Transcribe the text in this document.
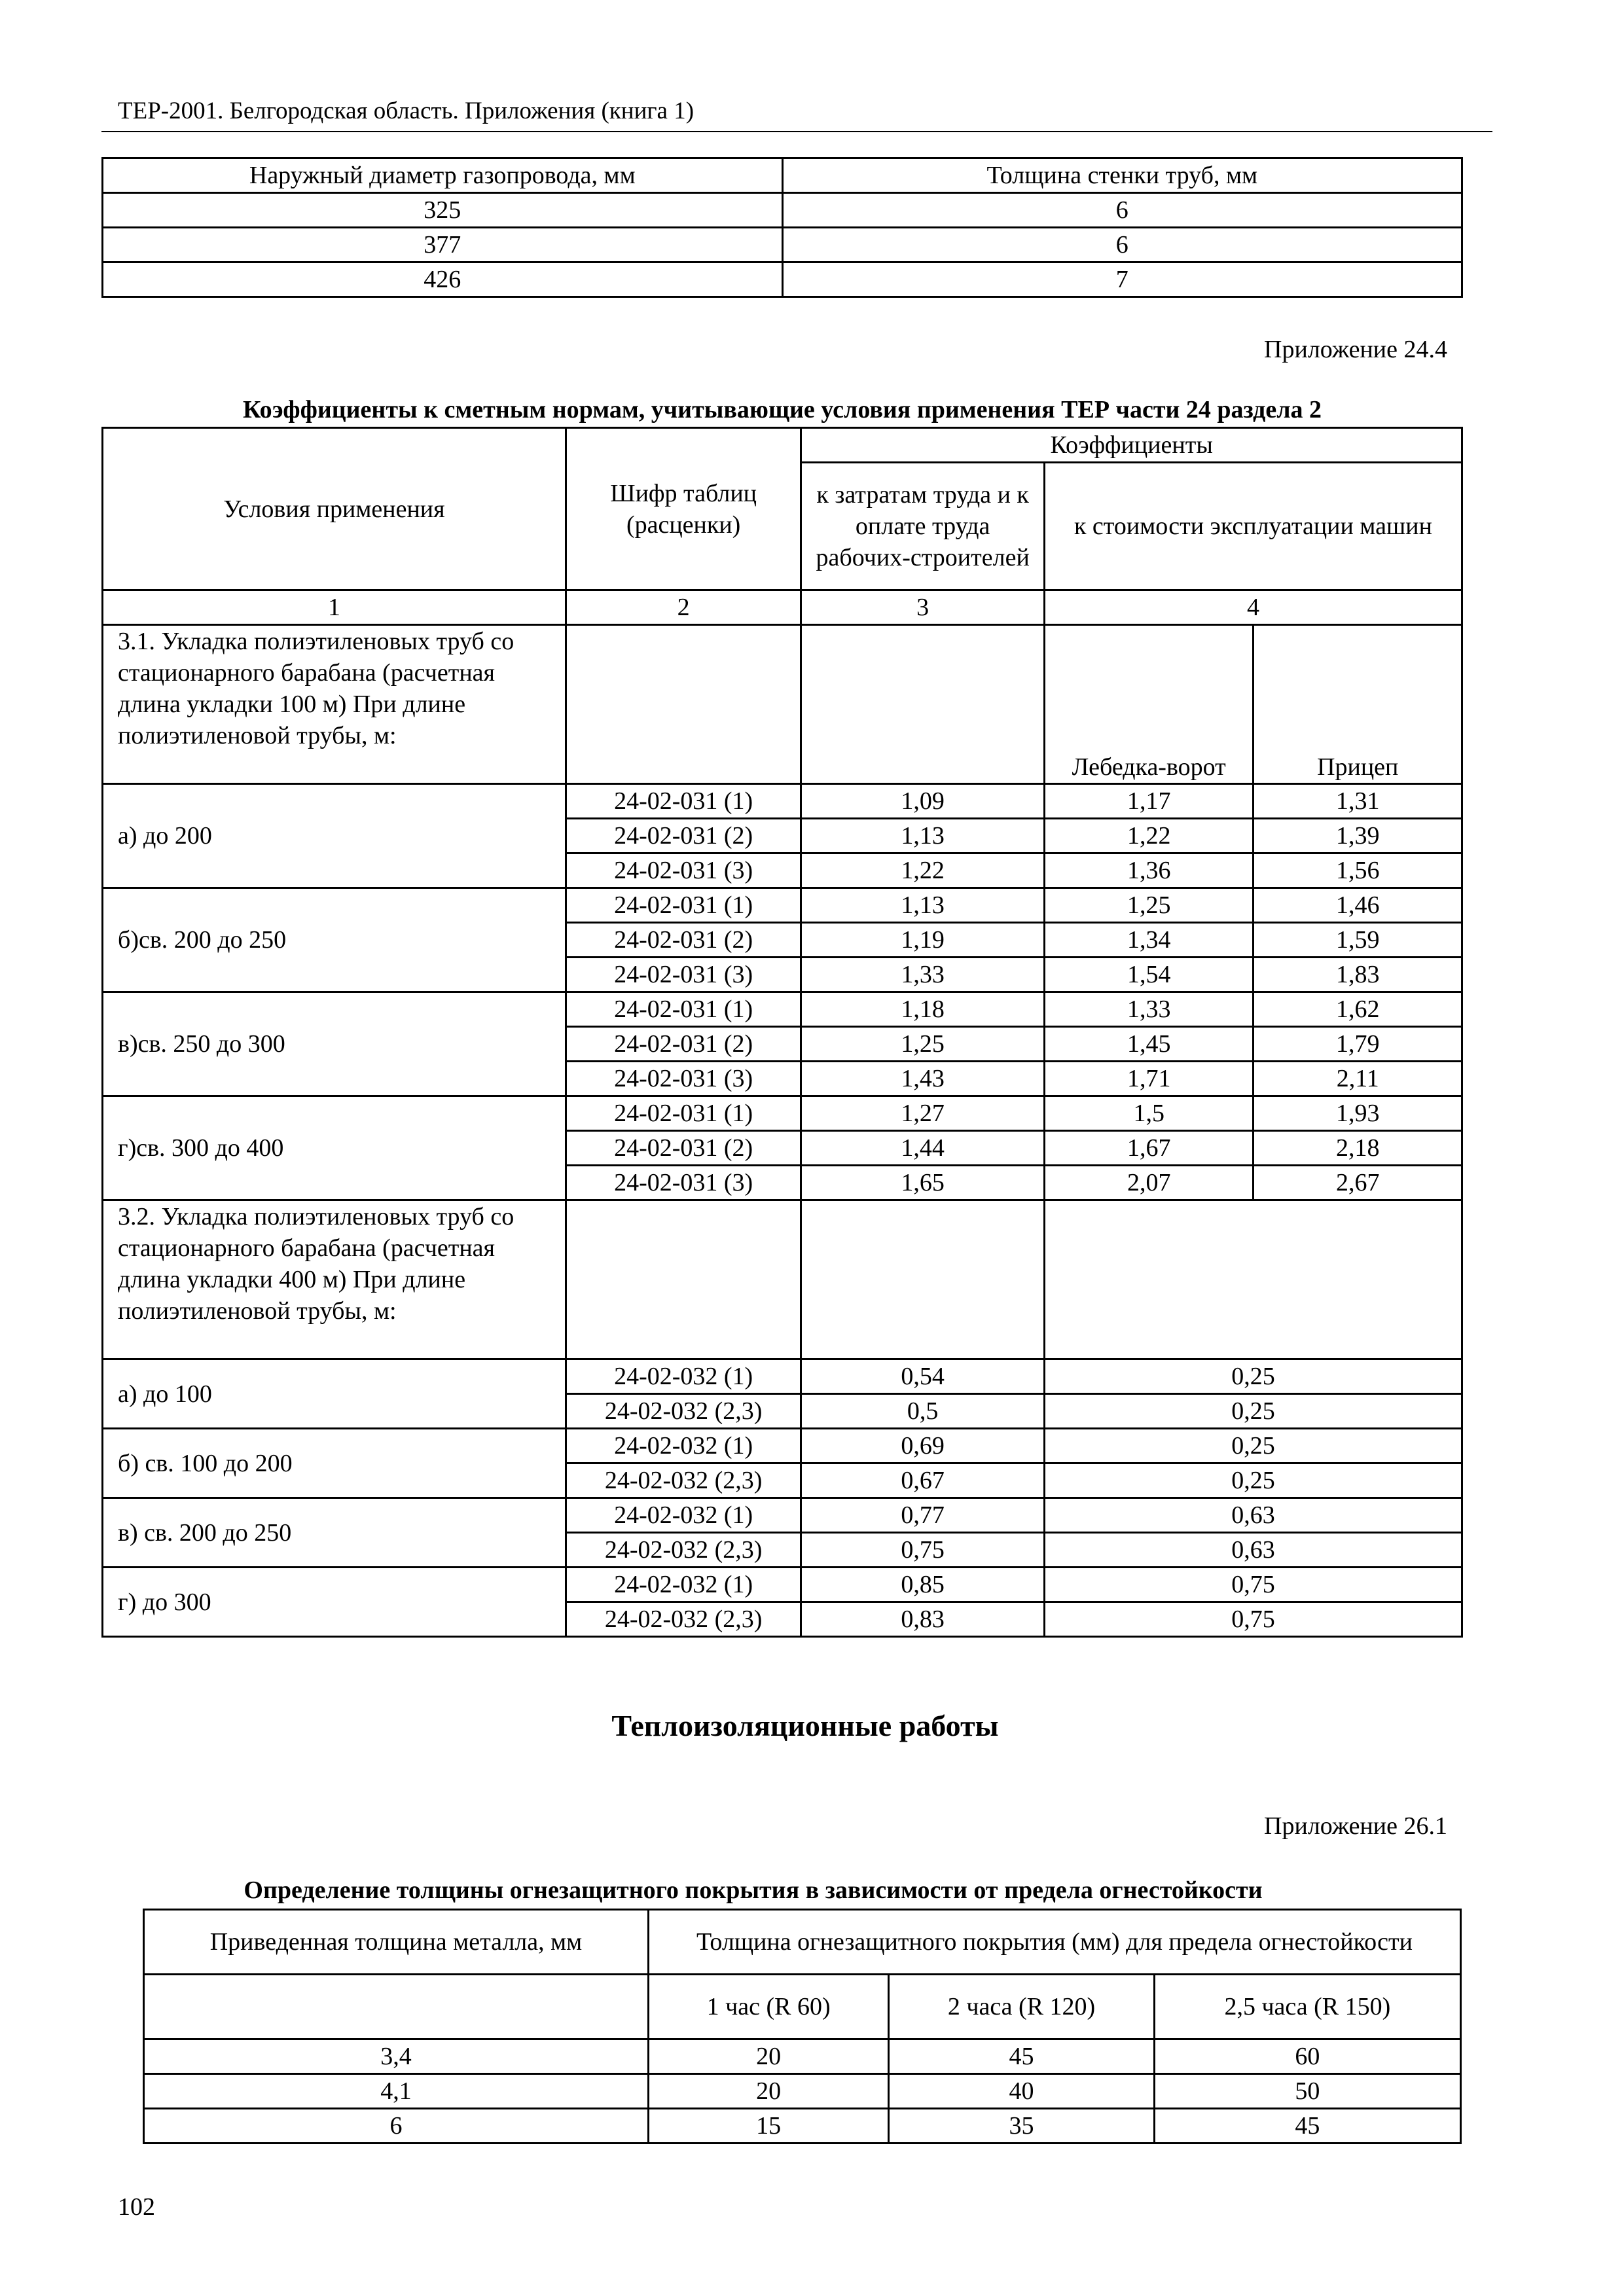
ТЕР-2001. Белгородская область. Приложения (книга 1)
Наружный диаметр газопровода, мм	Толщина стенки труб, мм
325	6
377	6
426	7
Приложение 24.4
Коэффициенты к сметным нормам, учитывающие условия применения ТЕР части 24 раздела 2
Условия применения	Шифр таблиц (расценки)	Коэффициенты		
		к затратам труда и к оплате труда рабочих-строителей	к стоимости эксплуатации машин	
1	2	3	4	
3.1. Укладка полиэтиленовых труб со стационарного барабана (расчетная длина укладки 100 м) При длине полиэтиленовой трубы, м:			Лебедка-ворот	Прицеп
а) до 200	24-02-031 (1)	1,09	1,17	1,31
	24-02-031 (2)	1,13	1,22	1,39
	24-02-031 (3)	1,22	1,36	1,56
б)св. 200 до 250	24-02-031 (1)	1,13	1,25	1,46
	24-02-031 (2)	1,19	1,34	1,59
	24-02-031 (3)	1,33	1,54	1,83
в)св. 250 до 300	24-02-031 (1)	1,18	1,33	1,62
	24-02-031 (2)	1,25	1,45	1,79
	24-02-031 (3)	1,43	1,71	2,11
г)св. 300 до 400	24-02-031 (1)	1,27	1,5	1,93
	24-02-031 (2)	1,44	1,67	2,18
	24-02-031 (3)	1,65	2,07	2,67
3.2. Укладка полиэтиленовых труб со стационарного барабана (расчетная длина укладки 400 м) При длине полиэтиленовой трубы, м:				
а) до 100	24-02-032 (1)	0,54	0,25	
	24-02-032 (2,3)	0,5	0,25	
б) св. 100 до 200	24-02-032 (1)	0,69	0,25	
	24-02-032 (2,3)	0,67	0,25	
в) св. 200 до 250	24-02-032 (1)	0,77	0,63	
	24-02-032 (2,3)	0,75	0,63	
г) до 300	24-02-032 (1)	0,85	0,75	
	24-02-032 (2,3)	0,83	0,75	
Теплоизоляционные работы
Приложение 26.1
Определение толщины огнезащитного покрытия в зависимости от предела огнестойкости
Приведенная толщина металла, мм	Толщина огнезащитного покрытия (мм) для предела огнестойкости		
	1 час (R 60)	2 часа (R 120)	2,5 часа (R 150)
3,4	20	45	60
4,1	20	40	50
6	15	35	45
102
